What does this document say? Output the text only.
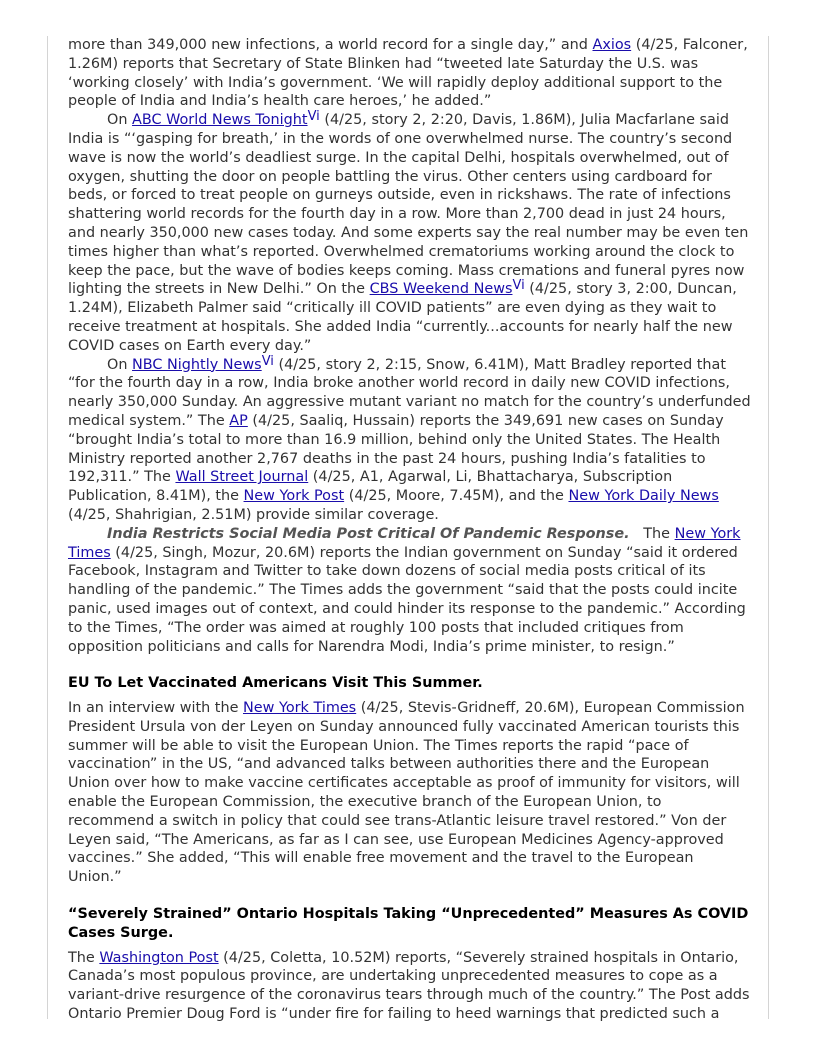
more than 349,000 new infections, a world record for a single day,” and Axios (4/25, Falconer, 1.26M) reports that Secretary of State Blinken had “tweeted late Saturday the U.S. was ‘working closely’ with India’s government. ‘We will rapidly deploy additional support to the people of India and India’s health care heroes,’ he added.”

On ABC World News Tonight$^{Vi}$ (4/25, story 2, 2:20, Davis, 1.86M), Julia Macfarlane said India is “‘gasping for breath,’ in the words of one overwhelmed nurse. The country’s second wave is now the world’s deadliest surge. In the capital Delhi, hospitals overwhelmed, out of oxygen, shutting the door on people battling the virus. Other centers using cardboard for beds, or forced to treat people on gurneys outside, even in rickshaws. The rate of infections shattering world records for the fourth day in a row. More than 2,700 dead in just 24 hours, and nearly 350,000 new cases today. And some experts say the real number may be even ten times higher than what’s reported. Overwhelmed crematoriums working around the clock to keep the pace, but the wave of bodies keeps coming. Mass cremations and funeral pyres now lighting the streets in New Delhi.” On the CBS Weekend News$^{Vi}$ (4/25, story 3, 2:00, Duncan, 1.24M), Elizabeth Palmer said “critically ill COVID patients” are even dying as they wait to receive treatment at hospitals. She added India “currently...accounts for nearly half the new COVID cases on Earth every day.”

On NBC Nightly News$^{Vi}$ (4/25, story 2, 2:15, Snow, 6.41M), Matt Bradley reported that “for the fourth day in a row, India broke another world record in daily new COVID infections, nearly 350,000 Sunday. An aggressive mutant variant no match for the country’s underfunded medical system.” The AP (4/25, Saaliq, Hussain) reports the 349,691 new cases on Sunday “brought India’s total to more than 16.9 million, behind only the United States. The Health Ministry reported another 2,767 deaths in the past 24 hours, pushing India’s fatalities to 192,311.” The Wall Street Journal (4/25, A1, Agarwal, Li, Bhattacharya, Subscription Publication, 8.41M), the New York Post (4/25, Moore, 7.45M), and the New York Daily News (4/25, Shahrigian, 2.51M) provide similar coverage.

India Restricts Social Media Post Critical Of Pandemic Response.   The New York Times (4/25, Singh, Mozur, 20.6M) reports the Indian government on Sunday “said it ordered Facebook, Instagram and Twitter to take down dozens of social media posts critical of its handling of the pandemic.” The Times adds the government “said that the posts could incite panic, used images out of context, and could hinder its response to the pandemic.” According to the Times, “The order was aimed at roughly 100 posts that included critiques from opposition politicians and calls for Narendra Modi, India’s prime minister, to resign.”

EU To Let Vaccinated Americans Visit This Summer.

In an interview with the New York Times (4/25, Stevis-Gridneff, 20.6M), European Commission President Ursula von der Leyen on Sunday announced fully vaccinated American tourists this summer will be able to visit the European Union. The Times reports the rapid “pace of vaccination” in the US, “and advanced talks between authorities there and the European Union over how to make vaccine certificates acceptable as proof of immunity for visitors, will enable the European Commission, the executive branch of the European Union, to recommend a switch in policy that could see trans-Atlantic leisure travel restored.” Von der Leyen said, “The Americans, as far as I can see, use European Medicines Agency-approved vaccines.” She added, “This will enable free movement and the travel to the European Union.”

“Severely Strained” Ontario Hospitals Taking “Unprecedented” Measures As COVID Cases Surge.

The Washington Post (4/25, Coletta, 10.52M) reports, “Severely strained hospitals in Ontario, Canada’s most populous province, are undertaking unprecedented measures to cope as a variant-drive resurgence of the coronavirus tears through much of the country.” The Post adds Ontario Premier Doug Ford is “under fire for failing to heed warnings that predicted such a
